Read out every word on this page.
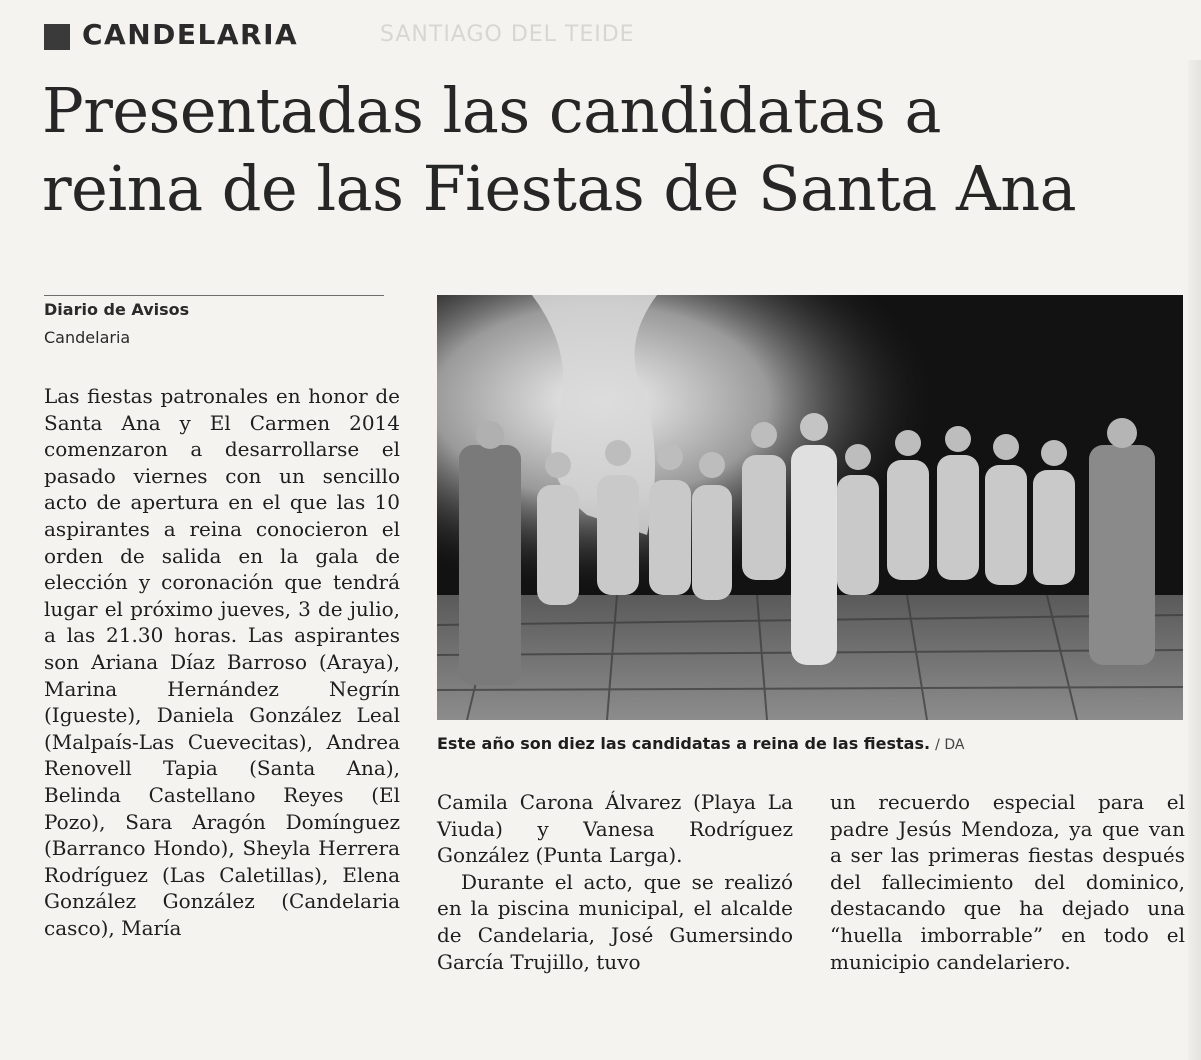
CANDELARIA	SANTIAGO DEL TEIDE
Presentadas las candidatas a
reina de las Fiestas de Santa Ana
Diario de Avisos
Candelaria

Las fiestas patronales en honor de Santa Ana y El Carmen 2014 comenzaron a desarrollarse el pasado viernes con un sencillo acto de apertura en el que las 10 aspirantes a reina conocieron el orden de salida en la gala de elección y coronación que tendrá lugar el próximo jueves, 3 de julio, a las 21.30 horas. Las aspirantes son Ariana Díaz Barroso (Araya), Marina Hernández Negrín (Igueste), Daniela González Leal (Malpaís-Las Cuevecitas), Andrea Renovell Tapia (Santa Ana), Belinda Castellano Reyes (El Pozo), Sara Aragón Domínguez (Barranco Hondo), Sheyla Herrera Rodríguez (Las Caletillas), Elena González González (Candelaria casco), María

Este año son diez las candidatas a reina de las fiestas. / DA

Camila Carona Álvarez (Playa La Viuda) y Vanesa Rodríguez González (Punta Larga).

Durante el acto, que se realizó en la piscina municipal, el alcalde de Candelaria, José Gumersindo García Trujillo, tuvo

un recuerdo especial para el padre Jesús Mendoza, ya que van a ser las primeras fiestas después del fallecimiento del dominico, destacando que ha dejado una “huella imborrable” en todo el municipio candelariero.
